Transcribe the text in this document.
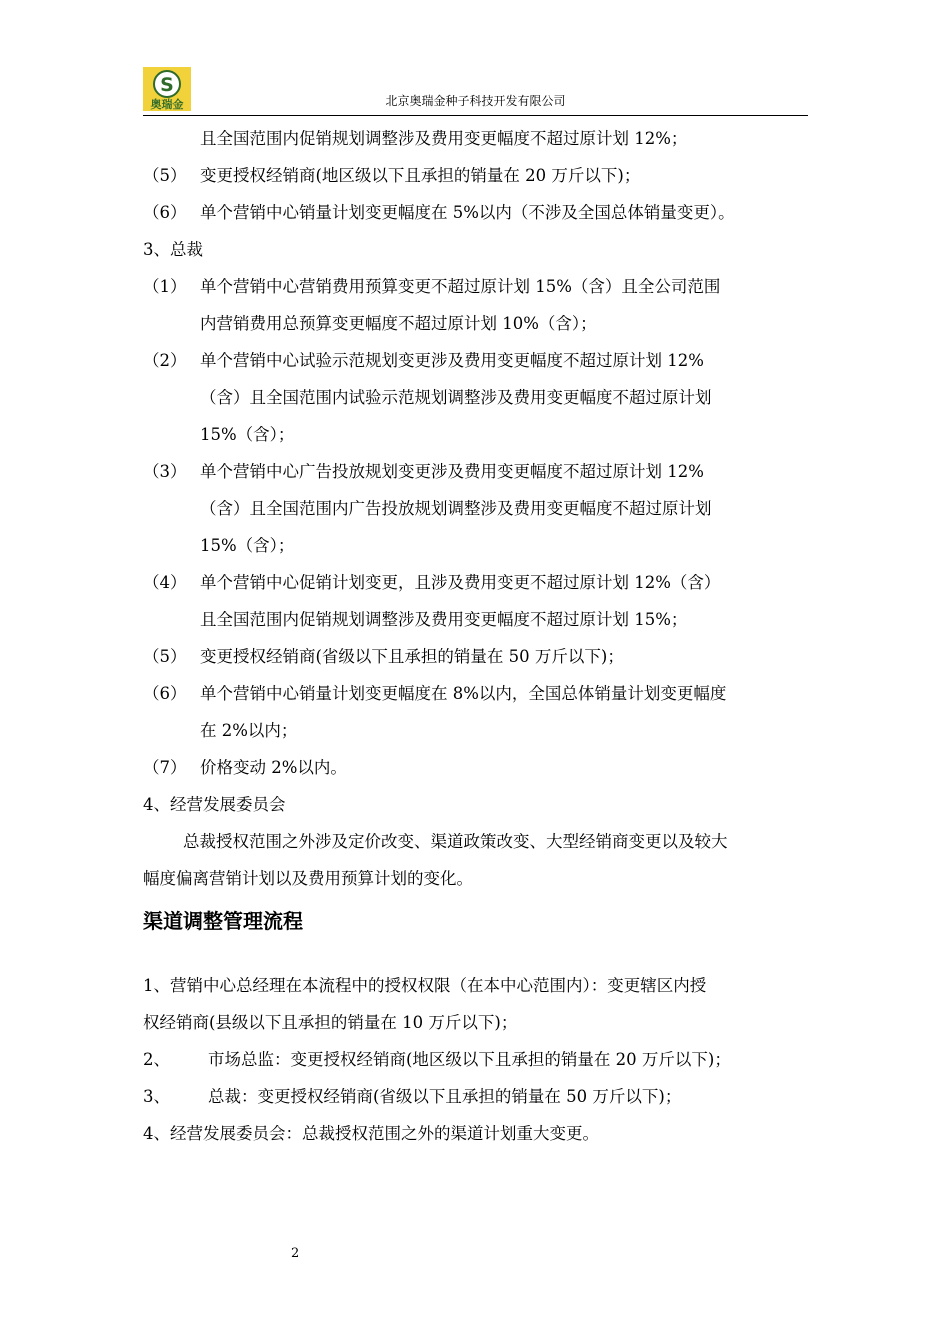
S
奥瑞金	北京奥瑞金种子科技开发有限公司
且全国范围内促销规划调整涉及费用变更幅度不超过原计划 12%；
（5） 变更授权经销商(地区级以下且承担的销量在 20 万斤以下)；
（6） 单个营销中心销量计划变更幅度在 5%以内（不涉及全国总体销量变更）。
3、总裁
（1） 单个营销中心营销费用预算变更不超过原计划 15%（含）且全公司范围
内营销费用总预算变更幅度不超过原计划 10%（含）；
（2） 单个营销中心试验示范规划变更涉及费用变更幅度不超过原计划 12%
（含）且全国范围内试验示范规划调整涉及费用变更幅度不超过原计划
15%（含）；
（3） 单个营销中心广告投放规划变更涉及费用变更幅度不超过原计划 12%
（含）且全国范围内广告投放规划调整涉及费用变更幅度不超过原计划
15%（含）；
（4） 单个营销中心促销计划变更，且涉及费用变更不超过原计划 12%（含）
且全国范围内促销规划调整涉及费用变更幅度不超过原计划 15%；
（5） 变更授权经销商(省级以下且承担的销量在 50 万斤以下)；
（6） 单个营销中心销量计划变更幅度在 8%以内，全国总体销量计划变更幅度
在 2%以内；
（7） 价格变动 2%以内。
4、经营发展委员会
总裁授权范围之外涉及定价改变、渠道政策改变、大型经销商变更以及较大
幅度偏离营销计划以及费用预算计划的变化。
渠道调整管理流程
1、营销中心总经理在本流程中的授权权限（在本中心范围内）：变更辖区内授
权经销商(县级以下且承担的销量在 10 万斤以下)；
2、 市场总监：变更授权经销商(地区级以下且承担的销量在 20 万斤以下)；
3、 总裁：变更授权经销商(省级以下且承担的销量在 50 万斤以下)；
4、经营发展委员会：总裁授权范围之外的渠道计划重大变更。
2
